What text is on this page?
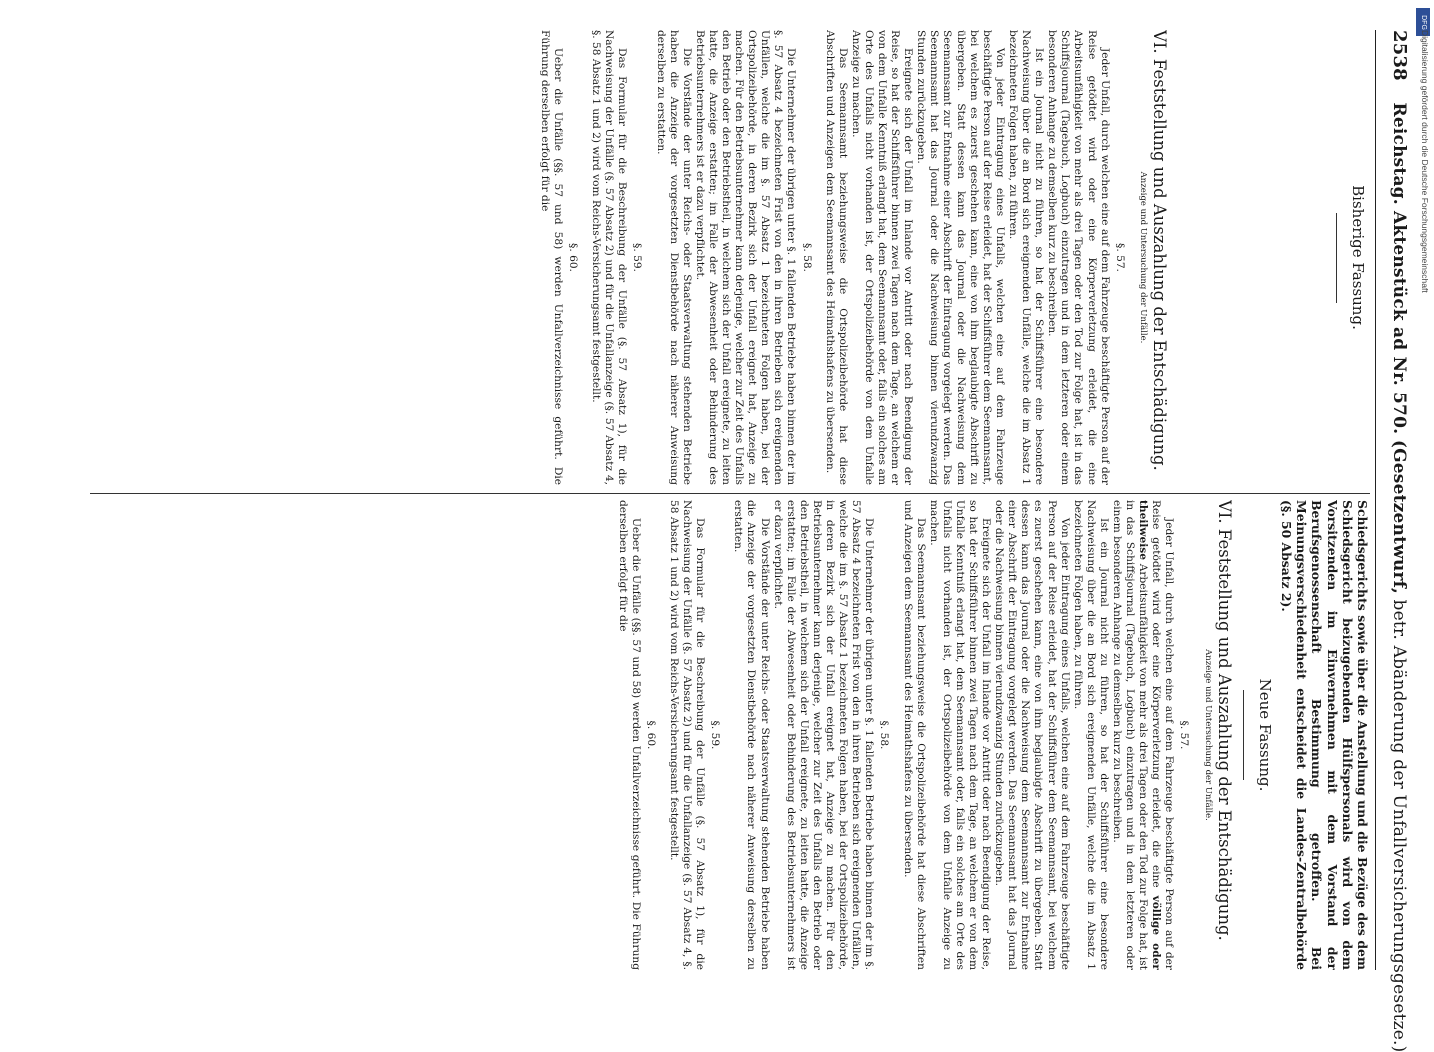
2538 Reichstag. Aktenstück ad Nr. 570. (Gesetzentwurf, betr. Abänderung der Unfallversicherungsgesetze.)
Bisherige Fassung.
VI. Feststellung und Auszahlung der Entschädigung.
Anzeige und Untersuchung der Unfälle.
§. 57.

Jeder Unfall, durch welchen eine auf dem Fahrzeuge beschäftigte Person auf der Reise getödtet wird oder eine Körperverletzung erleidet, die eine Arbeitsunfähigkeit von mehr als drei Tagen oder den Tod zur Folge hat, ist in das Schiffsjournal (Tagebuch, Logbuch) einzutragen und in dem letzteren oder einem besonderen Anhange zu demselben kurz zu beschreiben.

Ist ein Journal nicht zu führen, so hat der Schiffsführer eine besondere Nachweisung über die an Bord sich ereignenden Unfälle, welche die im Absatz 1 bezeichneten Folgen haben, zu führen.

Von jeder Eintragung eines Unfalls, welchen eine auf dem Fahrzeuge beschäftigte Person auf der Reise erleidet, hat der Schiffsführer dem Seemannsamt, bei welchem es zuerst geschehen kann, eine von ihm beglaubigte Abschrift zu übergeben. Statt dessen kann das Journal oder die Nachweisung dem Seemannsamt zur Entnahme einer Abschrift der Eintragung vorgelegt werden. Das Seemannsamt hat das Journal oder die Nachweisung binnen vierundzwanzig Stunden zurückzugeben.

Ereignete sich der Unfall im Inlande vor Antritt oder nach Beendigung der Reise, so hat der Schiffsführer binnen zwei Tagen nach dem Tage, an welchem er von dem Unfalle Kenntniß erlangt hat, dem Seemannsamt oder, falls ein solches am Orte des Unfalls nicht vorhanden ist, der Ortspolizeibehörde von dem Unfalle Anzeige zu machen.

Das Seemannsamt beziehungsweise die Ortspolizeibehörde hat diese Abschriften und Anzeigen dem Seemannsamt des Heimathshafens zu übersenden.

§. 58.

Die Unternehmer der übrigen unter §. 1 fallenden Betriebe haben binnen der im §. 57 Absatz 4 bezeichneten Frist von den in ihren Betrieben sich ereignenden Unfällen, welche die im §. 57 Absatz 1 bezeichneten Folgen haben, bei der Ortspolizeibehörde, in deren Bezirk sich der Unfall ereignet hat, Anzeige zu machen. Für den Betriebsunternehmer kann derjenige, welcher zur Zeit des Unfalls den Betrieb oder den Betriebstheil, in welchem sich der Unfall ereignete, zu leiten hatte, die Anzeige erstatten; im Falle der Abwesenheit oder Behinderung des Betriebsunternehmers ist er dazu verpflichtet.

Die Vorstände der unter Reichs- oder Staatsverwaltung stehenden Betriebe haben die Anzeige der vorgesetzten Dienstbehörde nach näherer Anweisung derselben zu erstatten.

§. 59.

Das Formular für die Beschreibung der Unfälle (§. 57 Absatz 1), für die Nachweisung der Unfälle (§. 57 Absatz 2) und für die Unfallanzeige (§. 57 Absatz 4, §. 58 Absatz 1 und 2) wird vom Reichs-Versicherungsamt festgestellt.

§. 60.

Ueber die Unfälle (§§. 57 und 58) werden Unfallverzeichnisse geführt. Die Führung derselben erfolgt für die

Schiedsgerichts sowie über die Anstellung und die Bezüge des dem Schiedsgericht beizugebenden Hülfspersonals wird von dem Vorsitzenden im Einvernehmen mit dem Vorstand der Berufsgenossenschaft Bestimmung getroffen. Bei Meinungsverschiedenheit entscheidet die Landes-Zentralbehörde (§. 50 Absatz 2).
Neue Fassung.
VI. Feststellung und Auszahlung der Entschädigung.
Anzeige und Untersuchung der Unfälle.
§. 57.

Jeder Unfall, durch welchen eine auf dem Fahrzeuge beschäftigte Person auf der Reise getödtet wird oder eine Körperverletzung erleidet, die eine völlige oder theilweise Arbeitsunfähigkeit von mehr als drei Tagen oder den Tod zur Folge hat, ist in das Schiffsjournal (Tagebuch, Logbuch) einzutragen und in dem letzteren oder einem besonderen Anhange zu demselben kurz zu beschreiben.

Ist ein Journal nicht zu führen, so hat der Schiffsführer eine besondere Nachweisung über die an Bord sich ereignenden Unfälle, welche die im Absatz 1 bezeichneten Folgen haben, zu führen.

Von jeder Eintragung eines Unfalls, welchen eine auf dem Fahrzeuge beschäftigte Person auf der Reise erleidet, hat der Schiffsführer dem Seemannsamt, bei welchem es zuerst geschehen kann, eine von ihm beglaubigte Abschrift zu übergeben. Statt dessen kann das Journal oder die Nachweisung dem Seemannsamt zur Entnahme einer Abschrift der Eintragung vorgelegt werden. Das Seemannsamt hat das Journal oder die Nachweisung binnen vierundzwanzig Stunden zurückzugeben.

Ereignete sich der Unfall im Inlande vor Antritt oder nach Beendigung der Reise, so hat der Schiffsführer binnen zwei Tagen nach dem Tage, an welchem er von dem Unfalle Kenntniß erlangt hat, dem Seemannsamt oder, falls ein solches am Orte des Unfalls nicht vorhanden ist, der Ortspolizeibehörde von dem Unfalle Anzeige zu machen.

Das Seemannsamt beziehungsweise die Ortspolizeibehörde hat diese Abschriften und Anzeigen dem Seemannsamt des Heimathshafens zu übersenden.

§. 58.

Die Unternehmer der übrigen unter §. 1 fallenden Betriebe haben binnen der im §. 57 Absatz 4 bezeichneten Frist von den in ihren Betrieben sich ereignenden Unfällen, welche die im §. 57 Absatz 1 bezeichneten Folgen haben, bei der Ortspolizeibehörde, in deren Bezirk sich der Unfall ereignet hat, Anzeige zu machen. Für den Betriebsunternehmer kann derjenige, welcher zur Zeit des Unfalls den Betrieb oder den Betriebstheil, in welchem sich der Unfall ereignete, zu leiten hatte, die Anzeige erstatten; im Falle der Abwesenheit oder Behinderung des Betriebsunternehmers ist er dazu verpflichtet.

Die Vorstände der unter Reichs- oder Staatsverwaltung stehenden Betriebe haben die Anzeige der vorgesetzten Dienstbehörde nach näherer Anweisung derselben zu erstatten.

§. 59.

Das Formular für die Beschreibung der Unfälle (§. 57 Absatz 1), für die Nachweisung der Unfälle (§. 57 Absatz 2) und für die Unfallanzeige (§. 57 Absatz 4, §. 58 Absatz 1 und 2) wird vom Reichs-Versicherungsamt festgestellt.

§. 60.

Ueber die Unfälle (§§. 57 und 58) werden Unfallverzeichnisse geführt. Die Führung derselben erfolgt für die

DFG
Digitalisierung gefördert durch die Deutsche Forschungsgemeinschaft
